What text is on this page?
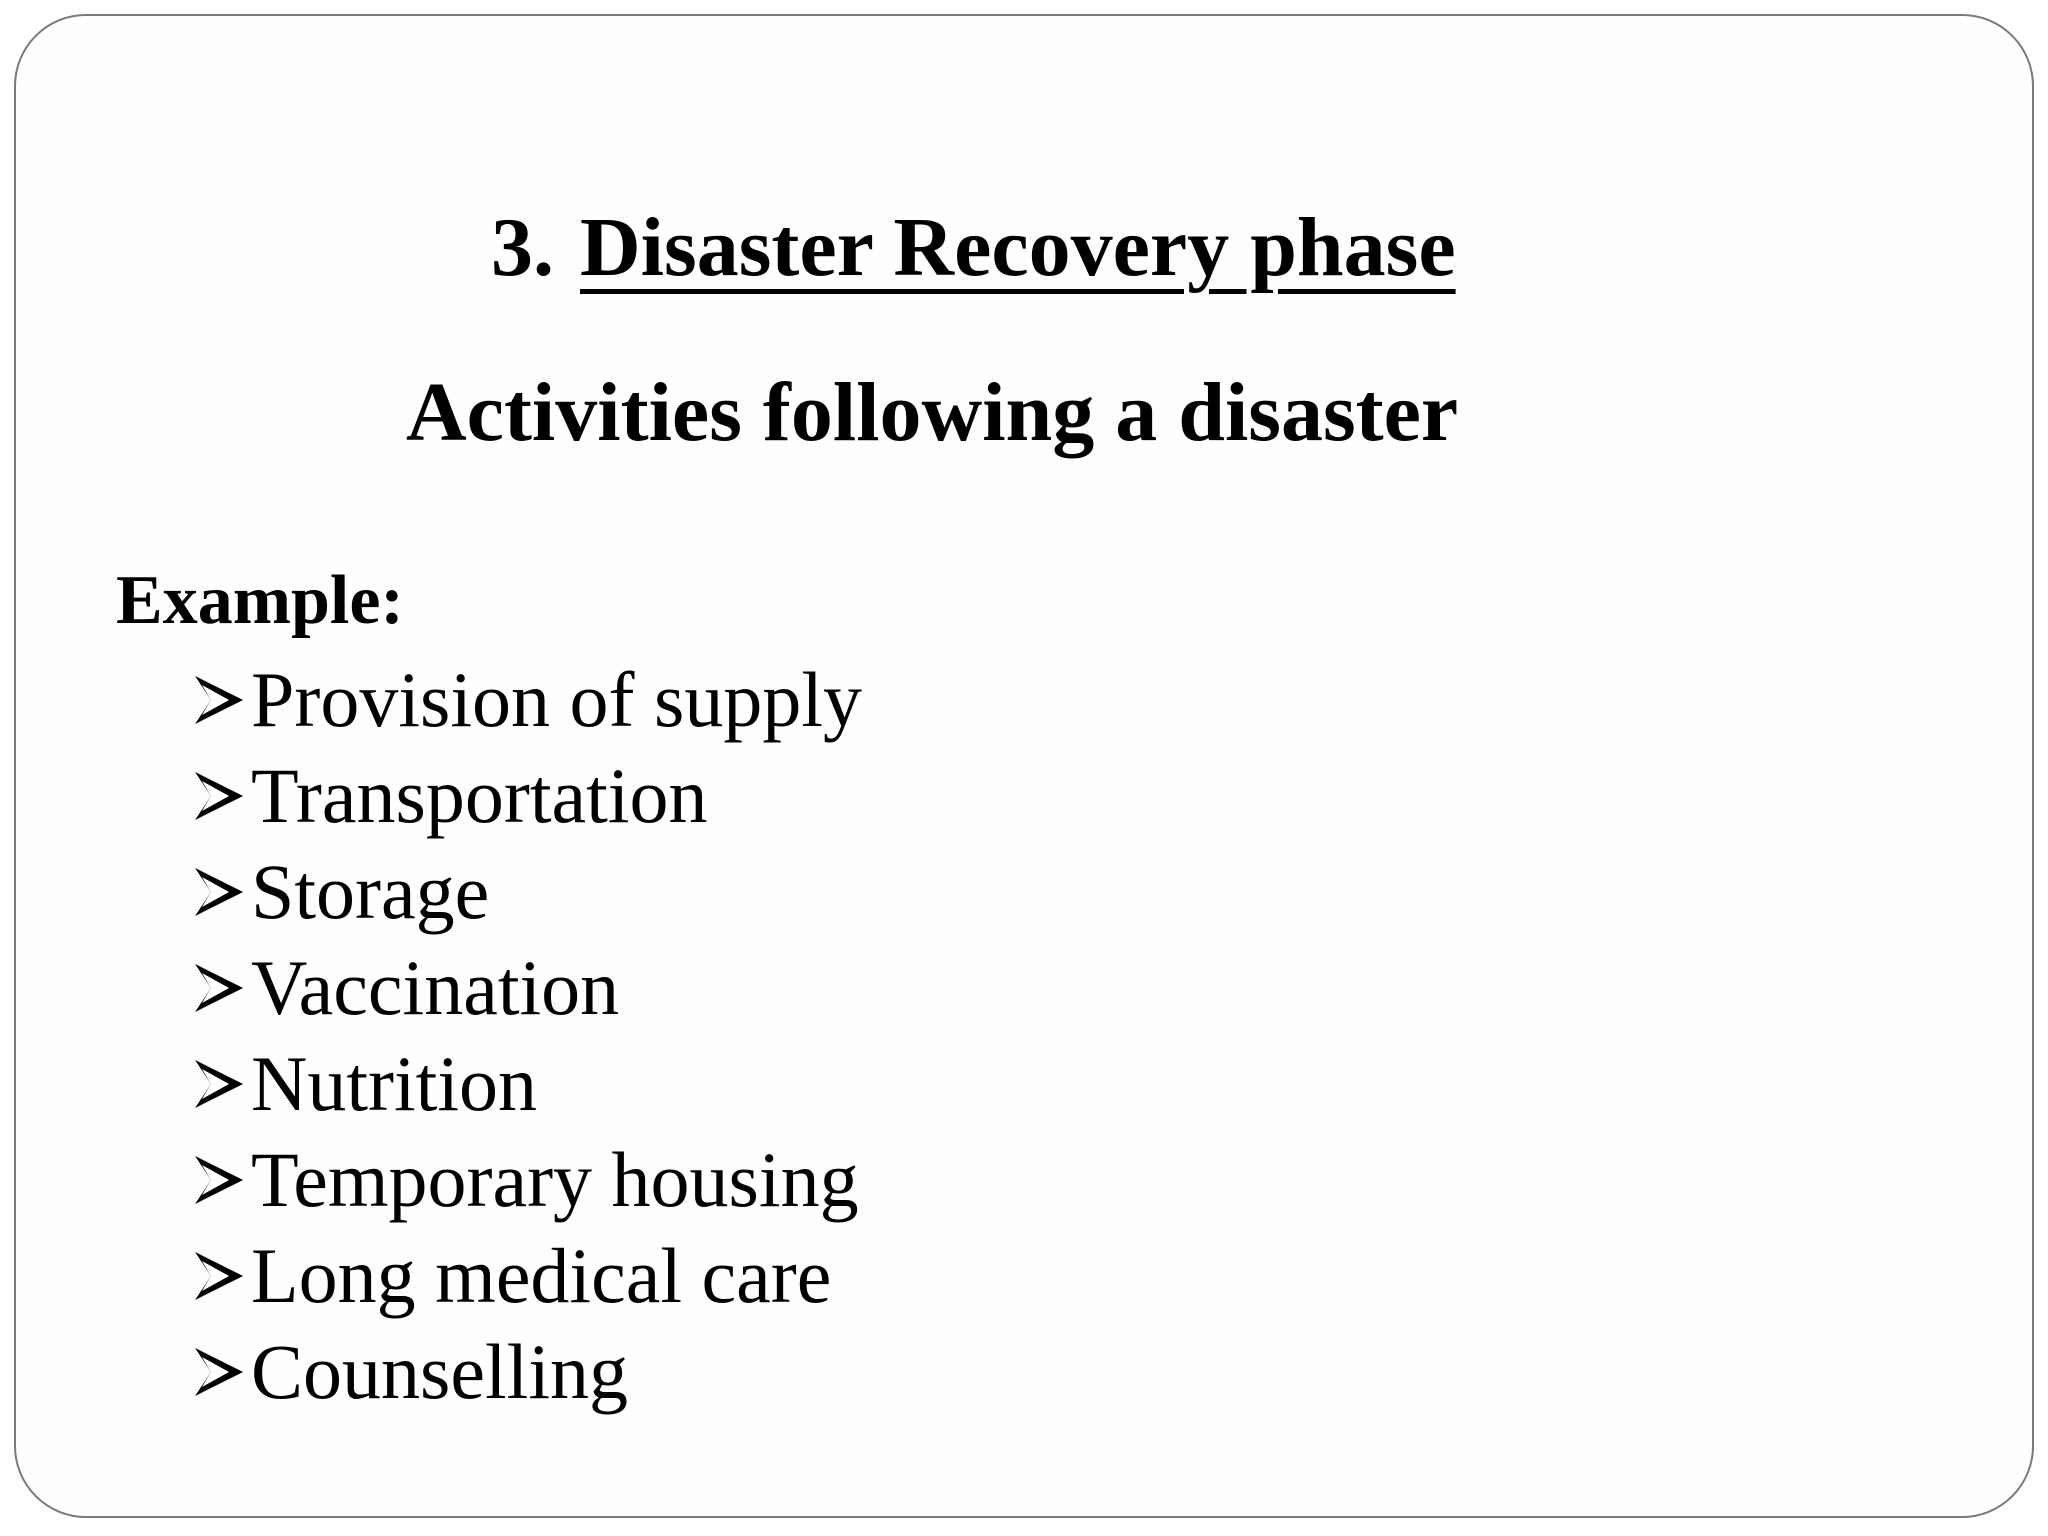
3. Disaster Recovery phase
Activities following a disaster
Example:
Provision of supply
Transportation
Storage
Vaccination
Nutrition
Temporary housing
Long medical care
Counselling
